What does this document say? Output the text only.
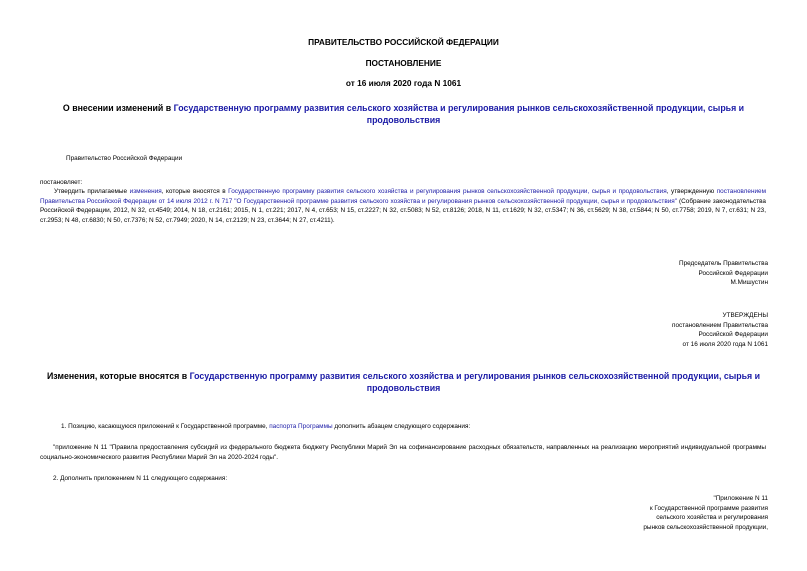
ПРАВИТЕЛЬСТВО РОССИЙСКОЙ ФЕДЕРАЦИИ
ПОСТАНОВЛЕНИЕ
от 16 июля 2020 года N 1061
О внесении изменений в Государственную программу развития сельского хозяйства и регулирования рынков сельскохозяйственной продукции, сырья и продовольствия
Правительство Российской Федерации
постановляет:
Утвердить прилагаемые изменения, которые вносятся в Государственную программу развития сельского хозяйства и регулирования рынков сельскохозяйственной продукции, сырья и продовольствия, утвержденную постановлением Правительства Российской Федерации от 14 июля 2012 г. N 717 "О Государственной программе развития сельского хозяйства и регулирования рынков сельскохозяйственной продукции, сырья и продовольствия" (Собрание законодательства Российской Федерации, 2012, N 32, ст.4549; 2014, N 18, ст.2161; 2015, N 1, ст.221; 2017, N 4, ст.653; N 15, ст.2227; N 32, ст.5083; N 52, ст.8126; 2018, N 11, ст.1629; N 32, ст.5347; N 36, ст.5629; N 38, ст.5844; N 50, ст.7758; 2019, N 7, ст.631; N 23, ст.2953; N 48, ст.6830; N 50, ст.7376; N 52, ст.7949; 2020, N 14, ст.2129; N 23, ст.3644; N 27, ст.4211).
Председатель Правительства
Российской Федерации
М.Мишустин
УТВЕРЖДЕНЫ
постановлением Правительства
Российской Федерации
от 16 июля 2020 года N 1061
Изменения, которые вносятся в Государственную программу развития сельского хозяйства и регулирования рынков сельскохозяйственной продукции, сырья и продовольствия
1. Позицию, касающуюся приложений к Государственной программе, паспорта Программы дополнить абзацем следующего содержания:
"приложение N 11 "Правила предоставления субсидий из федерального бюджета бюджету Республики Марий Эл на софинансирование расходных обязательств, направленных на реализацию мероприятий индивидуальной программы социально-экономического развития Республики Марий Эл на 2020-2024 годы".
2. Дополнить приложением N 11 следующего содержания:
"Приложение N 11
к Государственной программе развития
сельского хозяйства и регулирования
рынков сельскохозяйственной продукции,
